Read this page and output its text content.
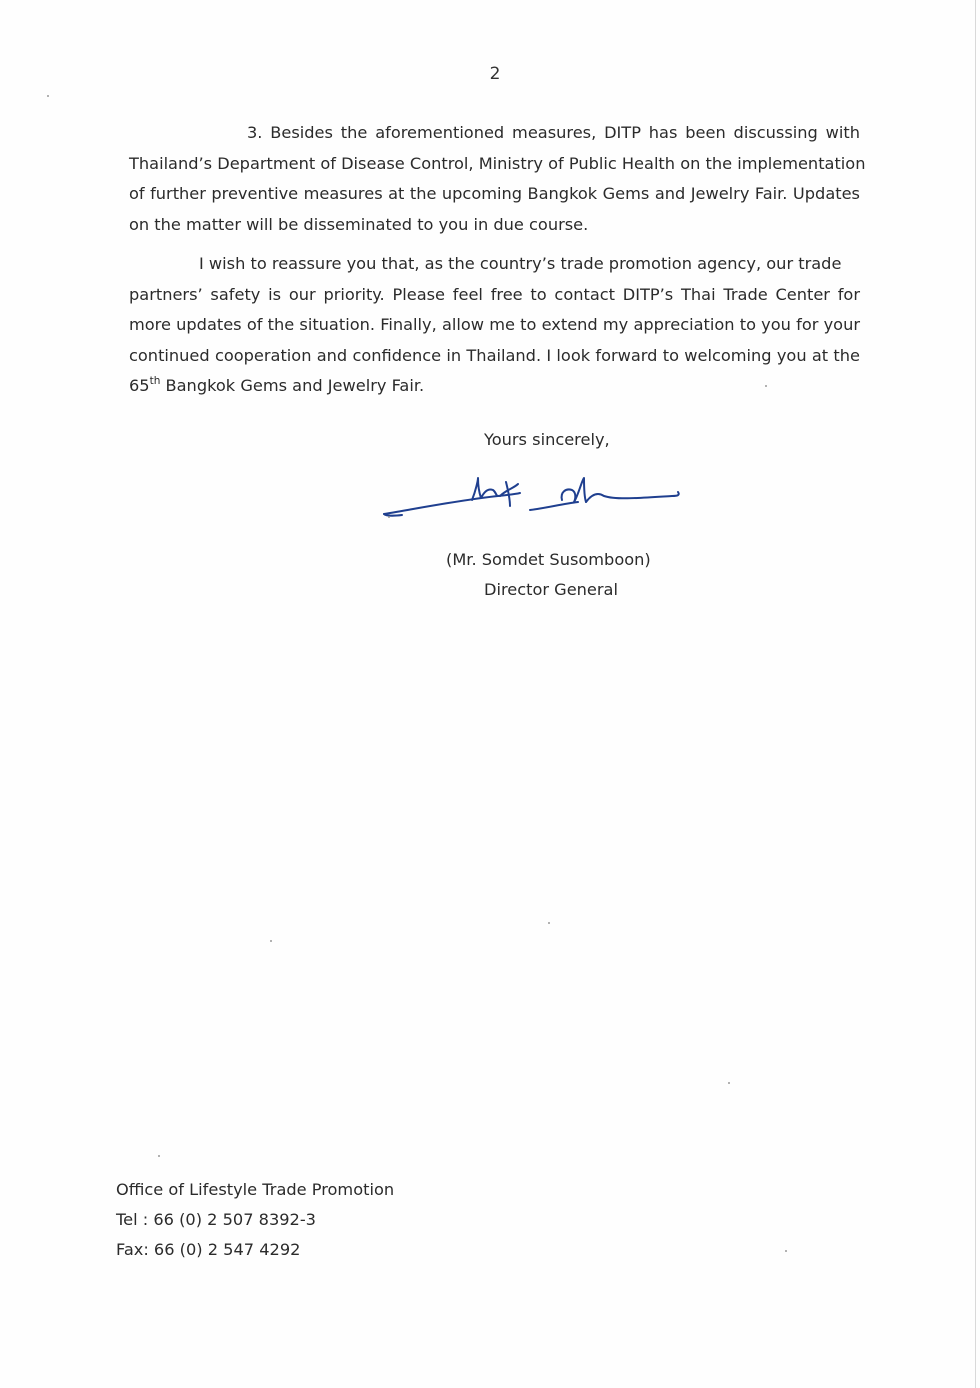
2
3. Besides the aforementioned measures, DITP has been discussing with
Thailand’s Department of Disease Control, Ministry of Public Health on the implementation
of further preventive measures at the upcoming Bangkok Gems and Jewelry Fair. Updates
on the matter will be disseminated to you in due course.
I wish to reassure you that, as the country’s trade promotion agency, our trade
partners’ safety is our priority. Please feel free to contact DITP’s Thai Trade Center for
more updates of the situation. Finally, allow me to extend my appreciation to you for your
continued cooperation and confidence in Thailand. I look forward to welcoming you at the
65th Bangkok Gems and Jewelry Fair.
Yours sincerely,
(Mr. Somdet Susomboon)
Director General
Office of Lifestyle Trade Promotion
Tel : 66 (0) 2 507 8392-3
Fax: 66 (0) 2 547 4292
